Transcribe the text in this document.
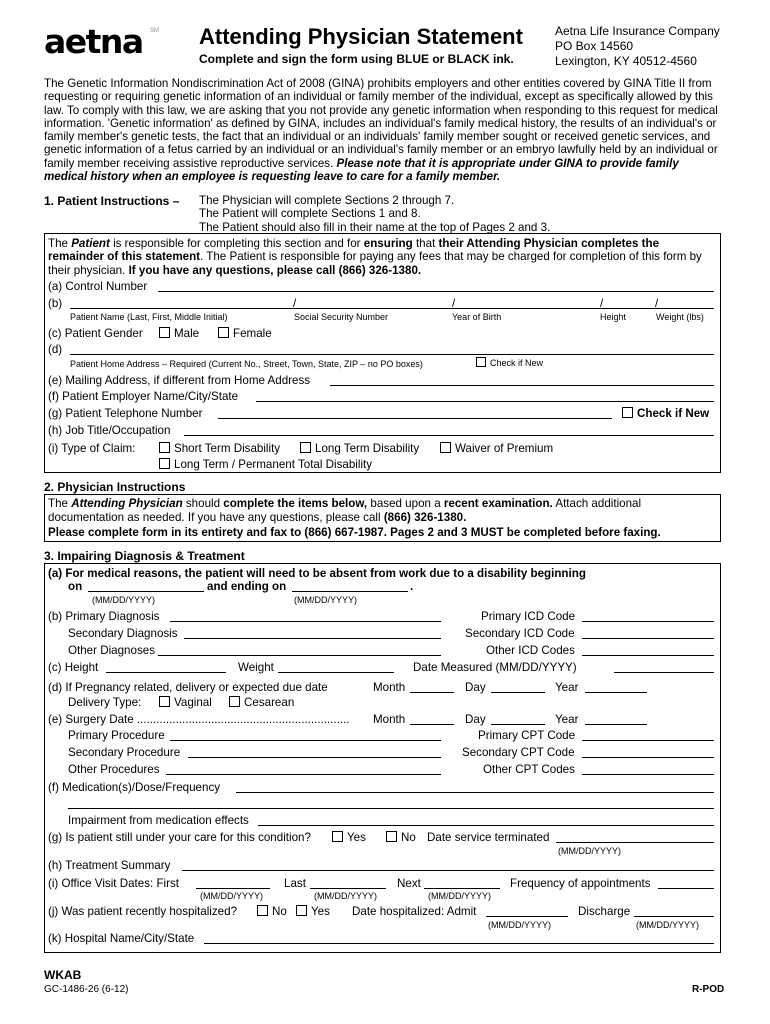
aetna SM Attending Physician Statement
Complete and sign the form using BLUE or BLACK ink.
Aetna Life Insurance Company
PO Box 14560
Lexington, KY 40512-4560
The Genetic Information Nondiscrimination Act of 2008 (GINA) prohibits employers and other entities covered by GINA Title II from requesting or requiring genetic information of an individual or family member of the individual, except as specifically allowed by this law. To comply with this law, we are asking that you not provide any genetic information when responding to this request for medical information. 'Genetic information' as defined by GINA, includes an individual's family medical history, the results of an individual's or family member's genetic tests, the fact that an individual or an individuals' family member sought or received genetic services, and genetic information of a fetus carried by an individual or an individual's family member or an embryo lawfully held by an individual or family member receiving assistive reproductive services. Please note that it is appropriate under GINA to provide family medical history when an employee is requesting leave to care for a family member.
1. Patient Instructions – The Physician will complete Sections 2 through 7.
The Patient will complete Sections 1 and 8.
The Patient should also fill in their name at the top of Pages 2 and 3.
The Patient is responsible for completing this section and for ensuring that their Attending Physician completes the remainder of this statement. The Patient is responsible for paying any fees that may be charged for completion of this form by their physician. If you have any questions, please call (866) 326-1380.
(a) Control Number
(b)	/	/	/	/
Patient Name (Last, First, Middle Initial)	Social Security Number	Year of Birth	Height	Weight (lbs)
(c) Patient Gender	Male	Female
(d)
Patient Home Address – Required (Current No., Street, Town, State, ZIP – no PO boxes)	Check if New
(e) Mailing Address, if different from Home Address
(f) Patient Employer Name/City/State
(g) Patient Telephone Number	Check if New
(h) Job Title/Occupation
(i) Type of Claim:	Short Term Disability	Long Term Disability	Waiver of Premium
Long Term / Permanent Total Disability
2. Physician Instructions
The Attending Physician should complete the items below, based upon a recent examination. Attach additional
documentation as needed. If you have any questions, please call (866) 326-1380.
Please complete form in its entirety and fax to (866) 667-1987. Pages 2 and 3 MUST be completed before faxing.
3. Impairing Diagnosis & Treatment
(a) For medical reasons, the patient will need to be absent from work due to a disability beginning
on	and ending on	.
(MM/DD/YYYY)	(MM/DD/YYYY)
(b) Primary Diagnosis	Primary ICD Code
Secondary Diagnosis	Secondary ICD Code
Other Diagnoses	Other ICD Codes
(c) Height	Weight	Date Measured (MM/DD/YYYY)
(d) If Pregnancy related, delivery or expected due date	Month	Day	Year
Delivery Type:	Vaginal	Cesarean
(e) Surgery Date .................................................................. Month	Day	Year
Primary Procedure	Primary CPT Code
Secondary Procedure	Secondary CPT Code
Other Procedures	Other CPT Codes
(f) Medication(s)/Dose/Frequency
Impairment from medication effects
(g) Is patient still under your care for this condition?	Yes	No Date service terminated
(MM/DD/YYYY)
(h) Treatment Summary
(i) Office Visit Dates: First	Last	Next	Frequency of appointments
(MM/DD/YYYY)	(MM/DD/YYYY)	(MM/DD/YYYY)
(j) Was patient recently hospitalized?	No	Yes Date hospitalized: Admit	Discharge
(MM/DD/YYYY)	(MM/DD/YYYY)
(k) Hospital Name/City/State
WKAB
GC-1486-26 (6-12)	R-POD
